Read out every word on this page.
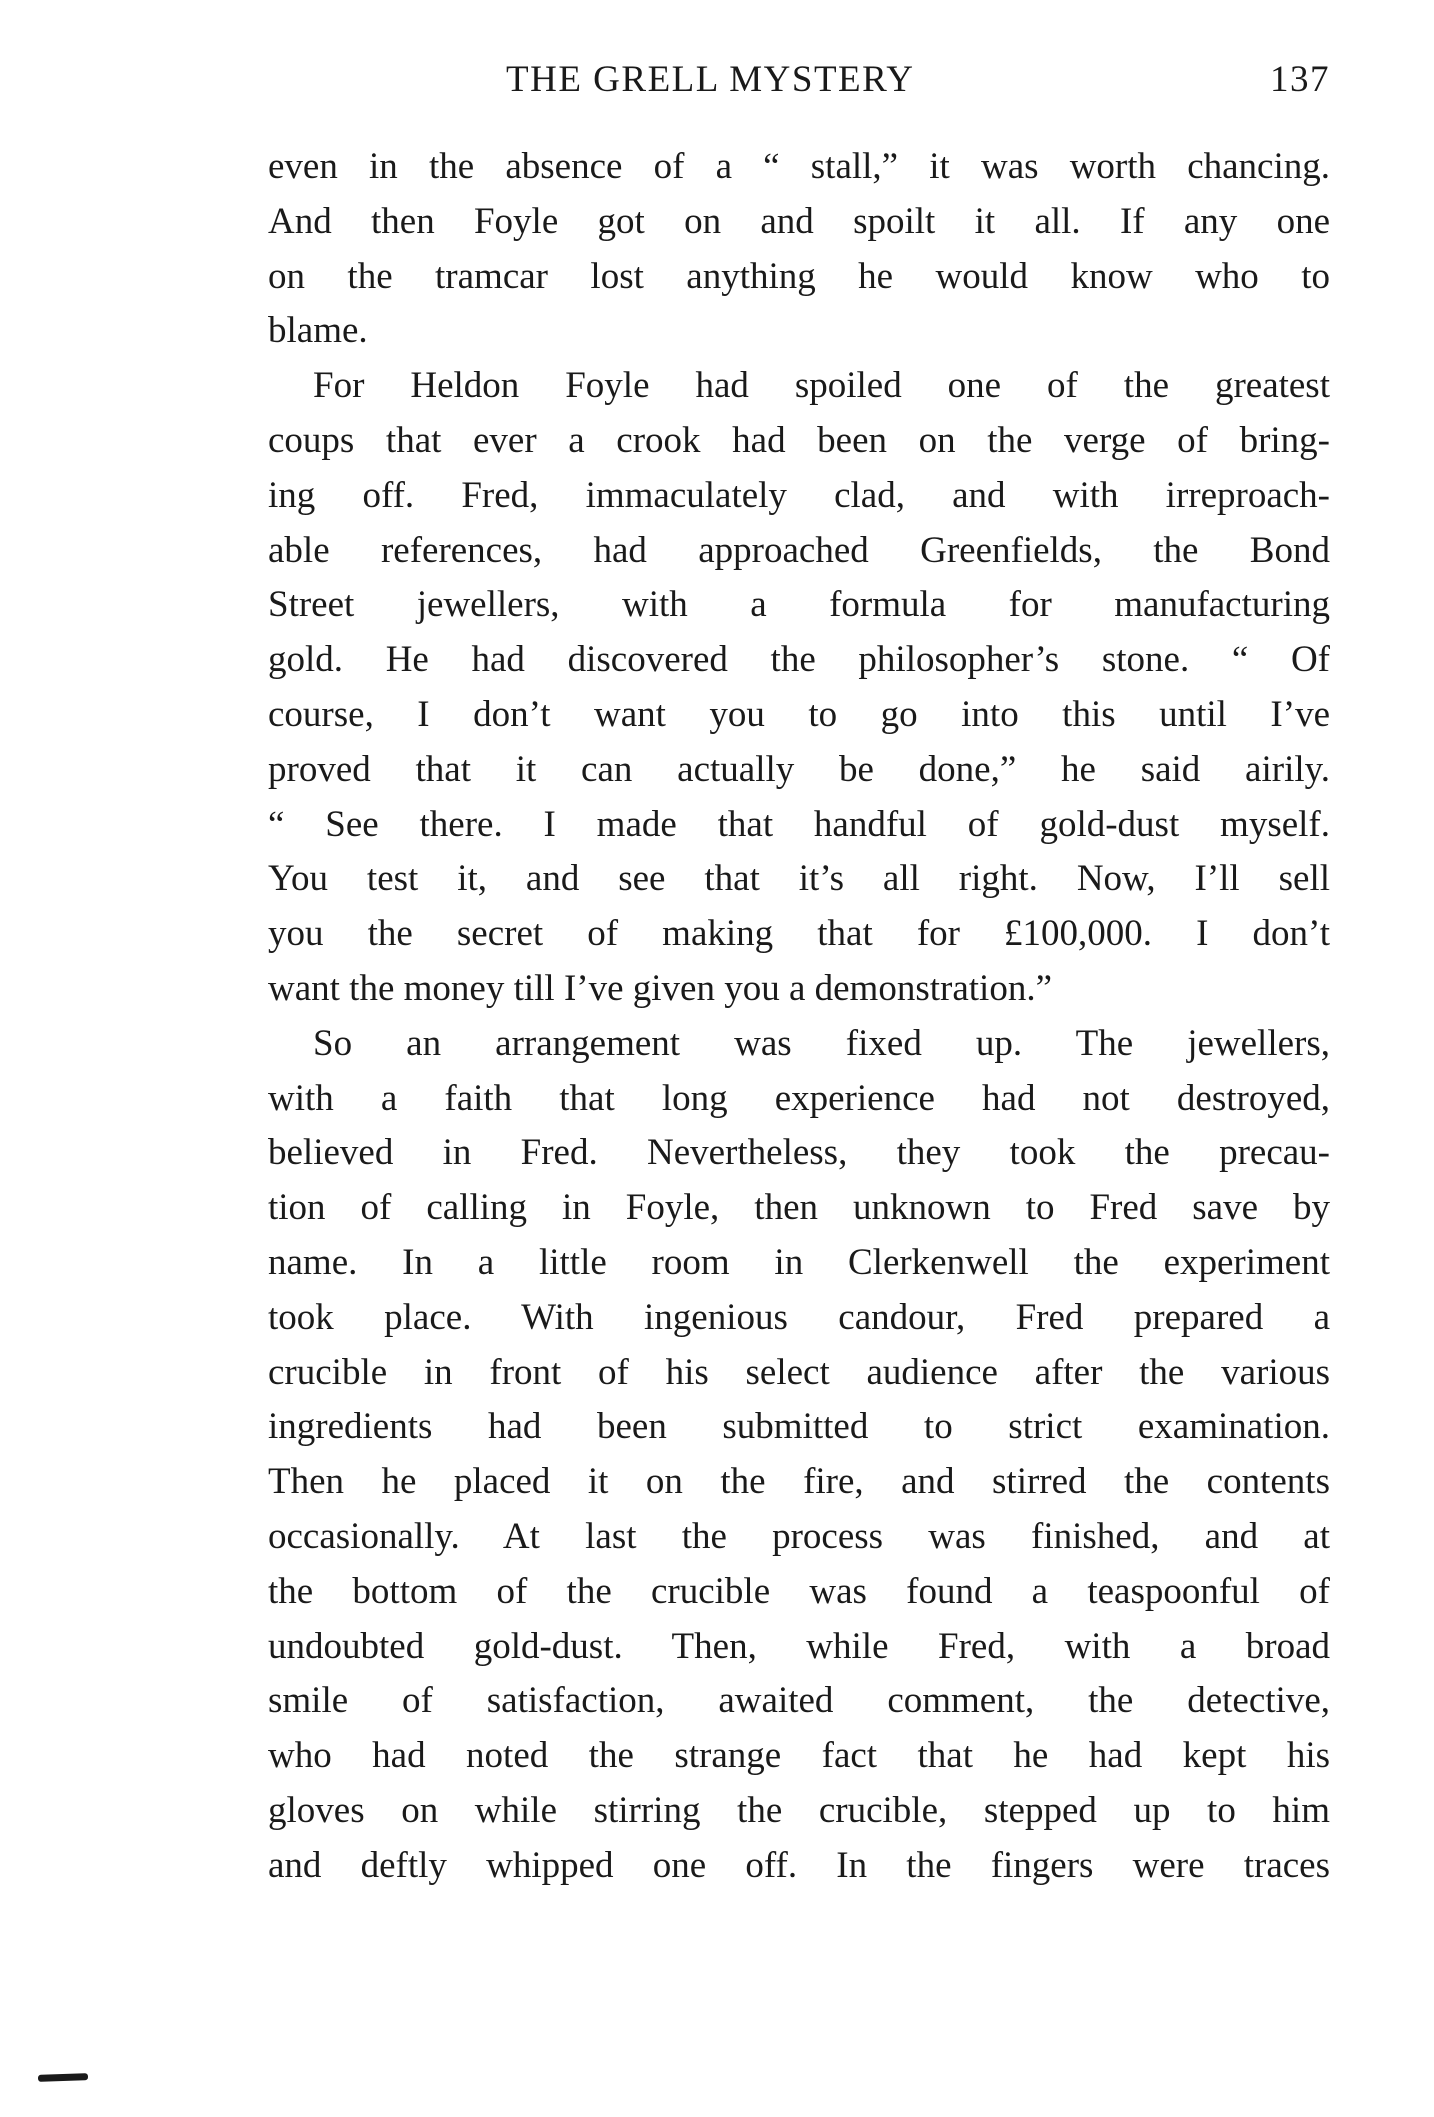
THE GRELL MYSTERY	137
even in the absence of a “ stall,” it was worth chancing.
And then Foyle got on and spoilt it all. If any one
on the tramcar lost anything he would know who to
blame.
For Heldon Foyle had spoiled one of the greatest
coups that ever a crook had been on the verge of bring-
ing off. Fred, immaculately clad, and with irreproach-
able references, had approached Greenfields, the Bond
Street jewellers, with a formula for manufacturing
gold. He had discovered the philosopher’s stone. “ Of
course, I don’t want you to go into this until I’ve
proved that it can actually be done,” he said airily.
“ See there. I made that handful of gold-dust myself.
You test it, and see that it’s all right. Now, I’ll sell
you the secret of making that for £100,000. I don’t
want the money till I’ve given you a demonstration.”
So an arrangement was fixed up. The jewellers,
with a faith that long experience had not destroyed,
believed in Fred. Nevertheless, they took the precau-
tion of calling in Foyle, then unknown to Fred save by
name. In a little room in Clerkenwell the experiment
took place. With ingenious candour, Fred prepared a
crucible in front of his select audience after the various
ingredients had been submitted to strict examination.
Then he placed it on the fire, and stirred the contents
occasionally. At last the process was finished, and at
the bottom of the crucible was found a teaspoonful of
undoubted gold-dust. Then, while Fred, with a broad
smile of satisfaction, awaited comment, the detective,
who had noted the strange fact that he had kept his
gloves on while stirring the crucible, stepped up to him
and deftly whipped one off. In the fingers were traces
